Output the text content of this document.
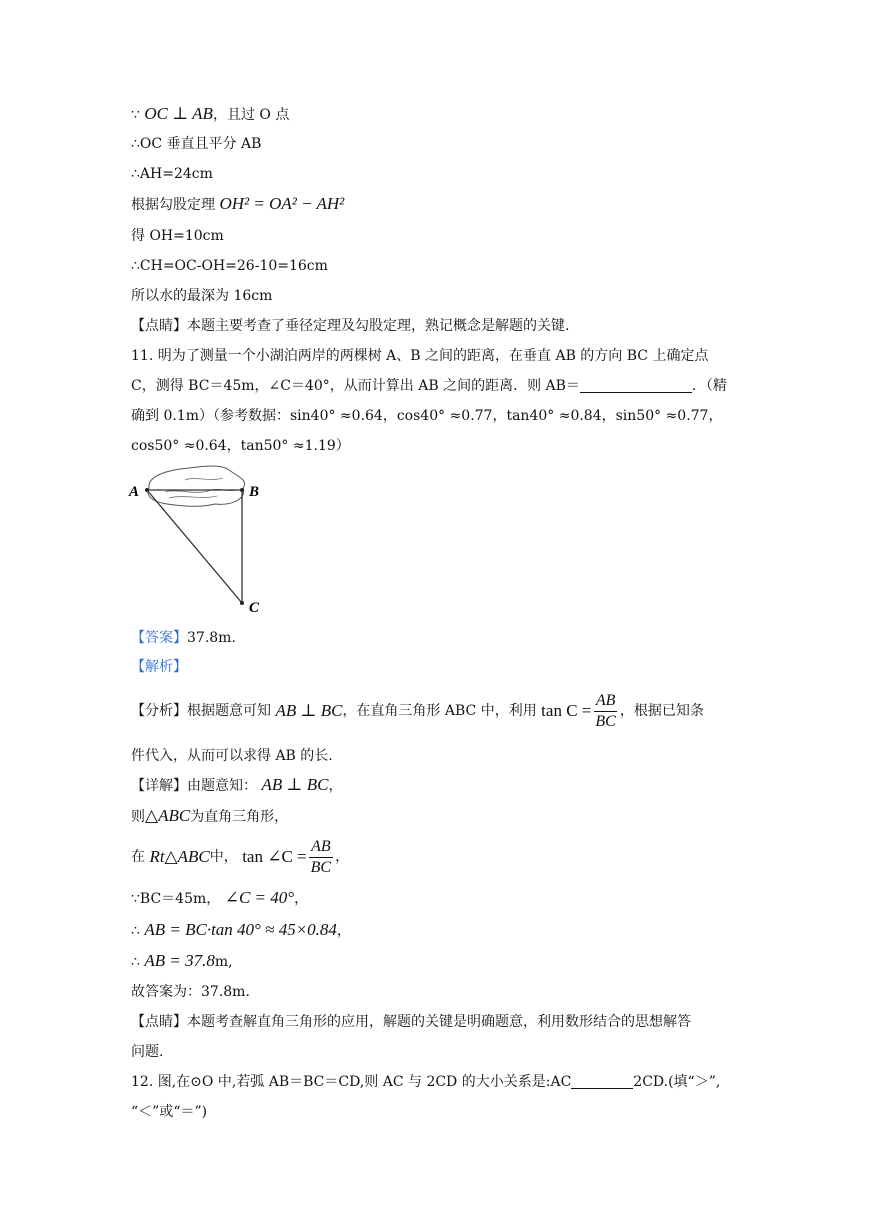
∵ OC ⊥ AB，且过 O 点
∴OC 垂直且平分 AB
∴AH=24cm
根据勾股定理 OH² = OA² − AH²
得 OH=10cm
∴CH=OC-OH=26-10=16cm
所以水的最深为 16cm
【点睛】本题主要考查了垂径定理及勾股定理，熟记概念是解题的关键.
11. 明为了测量一个小湖泊两岸的两棵树 A、B 之间的距离，在垂直 AB 的方向 BC 上确定点
C，测得 BC＝45m，∠C＝40°，从而计算出 AB 之间的距离．则 AB＝	．（精
确到 0.1m）（参考数据：sin40° ≈0.64，cos40° ≈0.77，tan40° ≈0.84，sin50° ≈0.77，
cos50° ≈0.64，tan50° ≈1.19）
A	B
C
【答案】37.8m.
【解析】
【分析】 根据题意可知
AB ⊥ BC ，在直角三角形 ABC 中，利用
$\tan C = \frac{AB}{BC}$ ，根据已知条
件代入，从而可以求得 AB 的长.
【详解】由题意知： AB ⊥ BC，
则△ABC为直角三角形，
在
Rt△ABC 中，
tan ∠C = $\frac{AB}{BC}$ ，
∵BC＝45m， ∠C = 40°，
∴ AB = BC·tan 40° ≈ 45×0.84，
∴ AB = 37.8m,
故答案为：37.8m.
【点睛】本题考查解直角三角形的应用，解题的关键是明确题意，利用数形结合的思想解答
问题.
12. 图,在⊙O 中,若弧 AB＝BC＝CD,则 AC 与 2CD 的大小关系是:AC	2CD.(填“＞”,
“＜”或“＝”)
